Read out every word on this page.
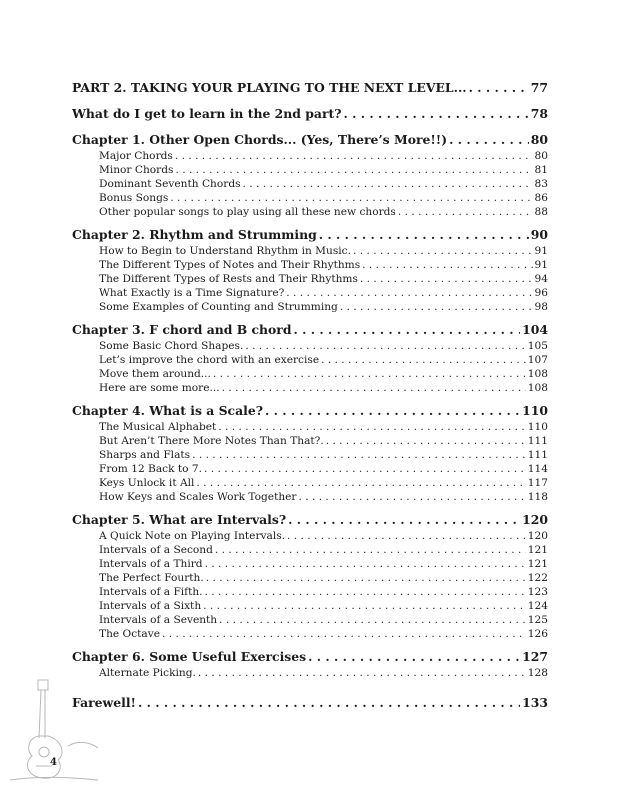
PART 2. TAKING YOUR PLAYING TO THE NEXT LEVEL... . . .	77
What do I get to learn in the 2nd part? . . .	78
Chapter 1. Other Open Chords... (Yes, There’s More!!) . . .	80
Major Chords . . .	80
Minor Chords . . .	81
Dominant Seventh Chords . . .	83
Bonus Songs . . .	86
Other popular songs to play using all these new chords . . .	88
Chapter 2. Rhythm and Strumming . . .	90
How to Begin to Understand Rhythm in Music. . . .	91
The Different Types of Notes and Their Rhythms . . .	91
The Different Types of Rests and Their Rhythms . . .	94
What Exactly is a Time Signature? . . .	96
Some Examples of Counting and Strumming . . .	98
Chapter 3. F chord and B chord . . .	104
Some Basic Chord Shapes. . . .	105
Let’s improve the chord with an exercise . . .	107
Move them around... . . .	108
Here are some more... . . .	108
Chapter 4. What is a Scale? . . .	110
The Musical Alphabet . . .	110
But Aren’t There More Notes Than That?. . . .	111
Sharps and Flats . . .	111
From 12 Back to 7. . . .	114
Keys Unlock it All . . .	117
How Keys and Scales Work Together . . .	118
Chapter 5. What are Intervals? . . .	120
A Quick Note on Playing Intervals. . . .	120
Intervals of a Second . . .	121
Intervals of a Third . . .	121
The Perfect Fourth. . . .	122
Intervals of a Fifth. . . .	123
Intervals of a Sixth . . .	124
Intervals of a Seventh . . .	125
The Octave . . .	126
Chapter 6. Some Useful Exercises . . .	127
Alternate Picking. . . .	128
Farewell! . . .	133
4
